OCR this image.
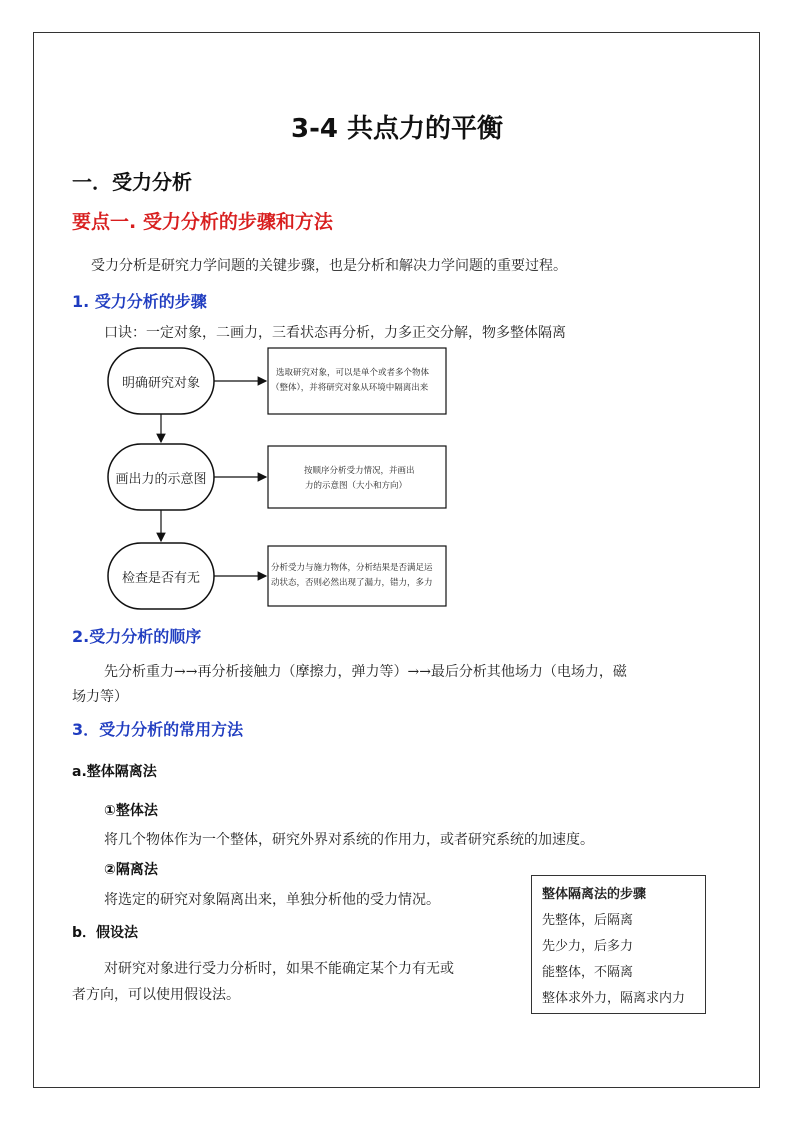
3-4 共点力的平衡
一．受力分析
要点一. 受力分析的步骤和方法
受力分析是研究力学问题的关键步骤，也是分析和解决力学问题的重要过程。
1. 受力分析的步骤
口诀：一定对象，二画力，三看状态再分析，力多正交分解，物多整体隔离
明确研究对象
画出力的示意图
检查是否有无
选取研究对象，可以是单个或者多个物体
（整体），并将研究对象从环境中隔离出来
按顺序分析受力情况，并画出
力的示意图（大小和方向）
分析受力与施力物体，分析结果是否满足运
动状态，否则必然出现了漏力，错力，多力
2.受力分析的顺序
先分析重力→→再分析接触力（摩擦力，弹力等）→→最后分析其他场力（电场力，磁
场力等）
3．受力分析的常用方法
a.整体隔离法
①整体法
将几个物体作为一个整体，研究外界对系统的作用力，或者研究系统的加速度。
②隔离法
将选定的研究对象隔离出来，单独分析他的受力情况。
b．假设法
对研究对象进行受力分析时，如果不能确定某个力有无或
者方向，可以使用假设法。
整体隔离法的步骤
先整体，后隔离
先少力，后多力
能整体，不隔离
整体求外力，隔离求内力
